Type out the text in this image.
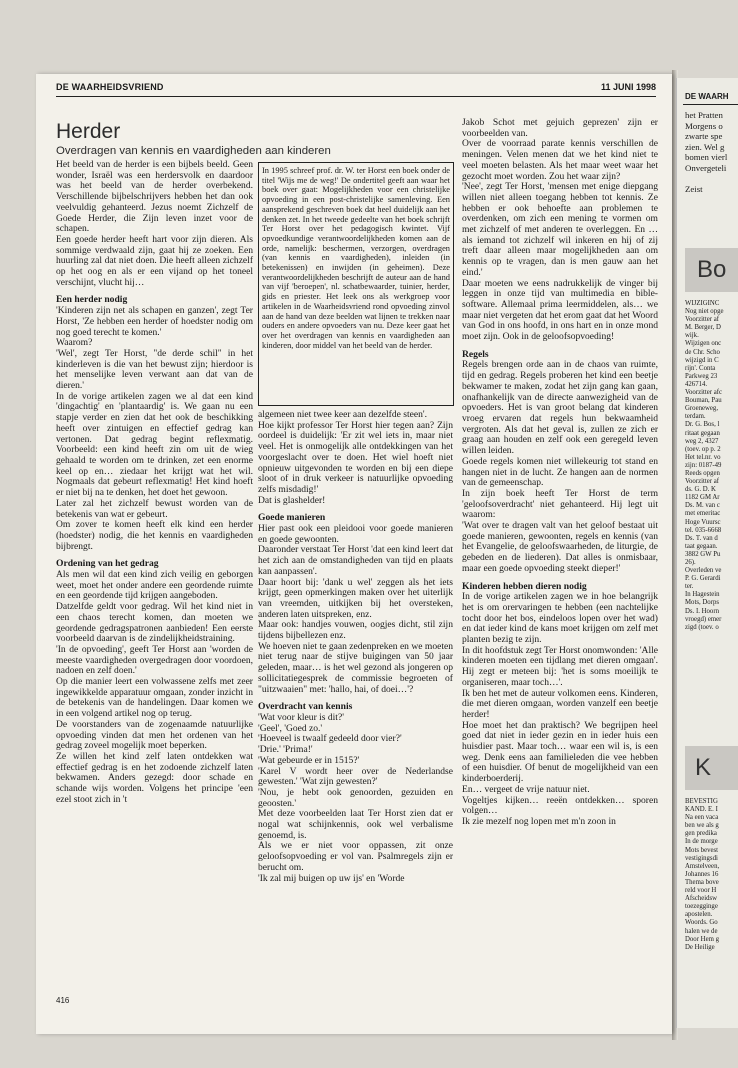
DE WAARHEIDSVRIEND	11 JUNI 1998
Herder
Overdragen van kennis en vaardigheden aan kinderen

Het beeld van de herder is een bijbels beeld. Geen wonder, Israël was een herdersvolk en daardoor was het beeld van de herder overbekend. Verschillende bijbelschrijvers hebben het dan ook veelvuldig gehanteerd. Jezus noemt Zichzelf de Goede Herder, die Zijn leven inzet voor de schapen.

Een goede herder heeft hart voor zijn dieren. Als sommige verdwaald zijn, gaat hij ze zoeken. Een huurling zal dat niet doen. Die heeft alleen zichzelf op het oog en als er een vijand op het toneel verschijnt, vlucht hij…

Een herder nodig

'Kinderen zijn net als schapen en ganzen', zegt Ter Horst, 'Ze hebben een herder of hoedster nodig om nog goed terecht te komen.'

Waarom?

'Wel', zegt Ter Horst, "de derde schil" in het kinderleven is die van het bewust zijn; hierdoor is het menselijke leven verwant aan dat van de dieren.'

In de vorige artikelen zagen we al dat een kind 'dingachtig' en 'plantaardig' is. We gaan nu een stapje verder en zien dat het ook de beschikking heeft over zintuigen en effectief gedrag kan vertonen. Dat gedrag begint reflexmatig. Voorbeeld: een kind heeft zin om uit de wieg gehaald te worden om te drinken, zet een enorme keel op en… ziedaar het krijgt wat het wil. Nogmaals dat gebeurt reflexmatig! Het kind hoeft er niet bij na te denken, het doet het gewoon.

Later zal het zichzelf bewust worden van de betekenis van wat er gebeurt.

Om zover te komen heeft elk kind een herder (hoedster) nodig, die het kennis en vaardigheden bijbrengt.

Ordening van het gedrag

Als men wil dat een kind zich veilig en geborgen weet, moet het onder andere een geordende ruimte en een geordende tijd krijgen aangeboden.

Datzelfde geldt voor gedrag. Wil het kind niet in een chaos terecht komen, dan moeten we geordende gedragspatronen aanbieden! Een eerste voorbeeld daarvan is de zindelijkheidstraining.

'In de opvoeding', geeft Ter Horst aan 'worden de meeste vaardigheden overgedragen door voordoen, nadoen en zelf doen.'

Op die manier leert een volwassene zelfs met zeer ingewikkelde apparatuur omgaan, zonder inzicht in de betekenis van de handelingen. Daar komen we in een volgend artikel nog op terug.

De voorstanders van de zogenaamde natuurlijke opvoeding vinden dat men het ordenen van het gedrag zoveel mogelijk moet beperken.

Ze willen het kind zelf laten ontdekken wat effectief gedrag is en het zodoende zichzelf laten bekwamen. Anders gezegd: door schade en schande wijs worden. Volgens het principe 'een ezel stoot zich in 't

In 1995 schreef prof. dr. W. ter Horst een boek onder de titel 'Wijs me de weg!' De ondertitel geeft aan waar het boek over gaat: Mogelijkheden voor een christelijke opvoeding in een post-christelijke samenleving. Een aansprekend geschreven boek dat heel duidelijk aan het denken zet. In het tweede gedeelte van het boek schrijft Ter Horst over het pedagogisch kwintet. Vijf opvoedkundige verantwoordelijkheden komen aan de orde, namelijk: beschermen, verzorgen, overdragen (van kennis en vaardigheden), inleiden (in betekenissen) en inwijden (in geheimen). Deze verantwoordelijkheden beschrijft de auteur aan de hand van vijf 'beroepen', nl. schatbewaarder, tuinier, herder, gids en priester. Het leek ons als werkgroep voor artikelen in de Waarheidsvriend rond opvoeding zinvol aan de hand van deze beelden wat lijnen te trekken naar ouders en andere opvoeders van nu. Deze keer gaat het over het overdragen van kennis en vaardigheden aan kinderen, door middel van het beeld van de herder.

algemeen niet twee keer aan dezelfde steen'.

Hoe kijkt professor Ter Horst hier tegen aan? Zijn oordeel is duidelijk: 'Er zit wel iets in, maar niet veel. Het is onmogelijk alle ontdekkingen van het voorgeslacht over te doen. Het wiel hoeft niet opnieuw uitgevonden te worden en bij een diepe sloot of in druk verkeer is natuurlijke opvoeding zelfs misdadig!'

Dat is glashelder!

Goede manieren

Hier past ook een pleidooi voor goede manieren en goede gewoonten.

Daaronder verstaat Ter Horst 'dat een kind leert dat het zich aan de omstandigheden van tijd en plaats kan aanpassen'.

Daar hoort bij: 'dank u wel' zeggen als het iets krijgt, geen opmerkingen maken over het uiterlijk van vreemden, uitkijken bij het oversteken, anderen laten uitspreken, enz.

Maar ook: handjes vouwen, oogjes dicht, stil zijn tijdens bijbellezen enz.

We hoeven niet te gaan zedenpreken en we moeten niet terug naar de stijve buigingen van 50 jaar geleden, maar… is het wel gezond als jongeren op sollicitatiegesprek de commissie begroeten of "uitzwaaien" met: 'hallo, hai, of doei…'?

Overdracht van kennis

'Wat voor kleur is dit?'

'Geel', 'Goed zo.'

'Hoeveel is twaalf gedeeld door vier?'

'Drie.' 'Prima!'

'Wat gebeurde er in 1515?'

'Karel V wordt heer over de Nederlandse gewesten.' 'Wat zijn gewesten?'

'Nou, je hebt ook genoorden, gezuiden en geoosten.'

Met deze voorbeelden laat Ter Horst zien dat er nogal wat schijnkennis, ook wel verbalisme genoemd, is.

Als we er niet voor oppassen, zit onze geloofsopvoeding er vol van. Psalmregels zijn er berucht om.

'Ik zal mij buigen op uw ijs' en 'Worde

Jakob Schot met gejuich geprezen' zijn er voorbeelden van.

Over de voorraad parate kennis verschillen de meningen. Velen menen dat we het kind niet te veel moeten belasten. Als het maar weet waar het gezocht moet worden. Zou het waar zijn?

'Nee', zegt Ter Horst, 'mensen met enige diepgang willen niet alleen toegang hebben tot kennis. Ze hebben er ook behoefte aan problemen te overdenken, om zich een mening te vormen om met zichzelf of met anderen te overleggen. En … als iemand tot zichzelf wil inkeren en hij of zij treft daar alleen maar mogelijkheden aan om kennis op te vragen, dan is men gauw aan het eind.'

Daar moeten we eens nadrukkelijk de vinger bij leggen in onze tijd van multimedia en bible-software. Allemaal prima leermiddelen, als… we maar niet vergeten dat het erom gaat dat het Woord van God in ons hoofd, in ons hart en in onze mond moet zijn. Ook in de geloofsopvoeding!

Regels

Regels brengen orde aan in de chaos van ruimte, tijd en gedrag. Regels proberen het kind een beetje bekwamer te maken, zodat het zijn gang kan gaan, onafhankelijk van de directe aanwezigheid van de opvoeders. Het is van groot belang dat kinderen vroeg ervaren dat regels hun bekwaamheid vergroten. Als dat het geval is, zullen ze zich er graag aan houden en zelf ook een geregeld leven willen leiden.

Goede regels komen niet willekeurig tot stand en hangen niet in de lucht. Ze hangen aan de normen van de gemeenschap.

In zijn boek heeft Ter Horst de term 'geloofsoverdracht' niet gehanteerd. Hij legt uit waarom:

'Wat over te dragen valt van het geloof bestaat uit goede manieren, gewoonten, regels en kennis (van het Evangelie, de geloofswaarheden, de liturgie, de gebeden en de liederen). Dat alles is onmisbaar, maar een goede opvoeding steekt dieper!'

Kinderen hebben dieren nodig

In de vorige artikelen zagen we in hoe belangrijk het is om orervaringen te hebben (een nachtelijke tocht door het bos, eindeloos lopen over het wad) en dat ieder kind de kans moet krijgen om zelf met planten bezig te zijn.

In dit hoofdstuk zegt Ter Horst onomwonden: 'Alle kinderen moeten een tijdlang met dieren omgaan'. Hij zegt er meteen bij: 'het is soms moeilijk te organiseren, maar toch…'.

Ik ben het met de auteur volkomen eens. Kinderen, die met dieren omgaan, worden vanzelf een beetje herder!

Hoe moet het dan praktisch? We begrijpen heel goed dat niet in ieder gezin en in ieder huis een huisdier past. Maar toch… waar een wil is, is een weg. Denk eens aan familieleden die vee hebben of een huisdier. Of benut de mogelijkheid van een kinderboerderij.

En… vergeet de vrije natuur niet.

Vogeltjes kijken… reeën ontdekken… sporen volgen…

Ik zie mezelf nog lopen met m'n zoon in

416
DE WAARH
het Pratten
Morgens o
zwarte spe
zien. Wel g
bomen vierl
Onvergeteli

Zeist
Bo
WIJZIGINC
Nog niet opge
Voorzitter af
M. Berger, D
wijk.
Wijzigen onc
de Chr. Scho
wijzigd in C
rijn'. Conta
Parkweg 23
426714.
Voorzitter afc
Bouman, Pau
Groeneweg,
terdam.
Dr. G. Bos, l
ritaat gegaan
weg 2, 4327
(toev. op p. 2
Het tel.nr. vo
zijn: 0187-49
Reeds opgen
Voorzitter af
ds. G. D. K
1182 GM Ar
Ds. M. van c
met emeritac
Hoge Vuursc
tel. 035-6668
Ds. T. van d
taat gegaan.
3882 GW Pu
26).
Overleden ve
P. G. Gerardi
ter.
In Hagestein
Mots, Dorps
Ds. I. Hoorn
vroegd) emer
zigd (toev. o
K
BEVESTIG
KAND. E. I
Na een vaca
ben we als g
gen predika
In de morge
Mots bevest
vestigingsdi
Amstelveen,
Johannes 16
Thema bove
reld voor H
Afscheidsw
toezegginge
apostelen.
Woords. Go
halen we de
Door Hem g
De Heilige
